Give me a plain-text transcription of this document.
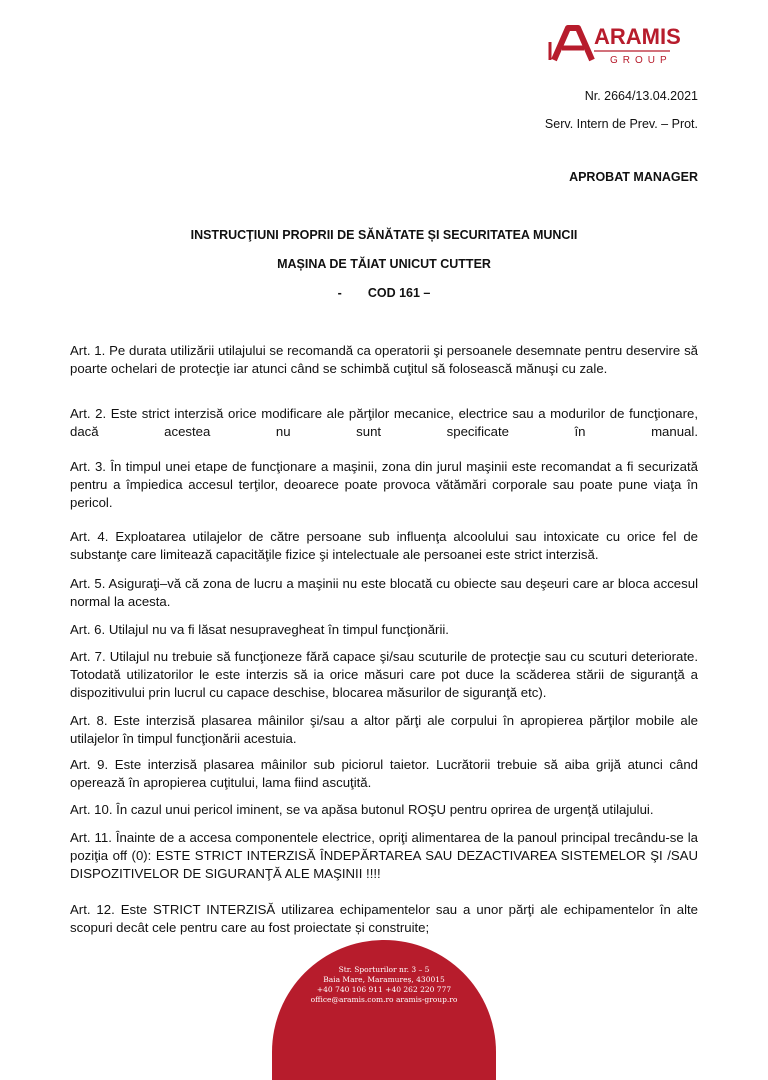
ARAMIS
GROUP
Nr. 2664/13.04.2021
Serv. Intern de Prev. – Prot.
APROBAT MANAGER
INSTRUCŢIUNI PROPRII DE SĂNĂTATE ȘI SECURITATEA MUNCII
MAȘINA DE TĂIAT UNICUT CUTTER
- COD 161 –
Art. 1. Pe durata utilizării utilajului se recomandă ca operatorii şi persoanele desemnate pentru deservire să poarte ochelari de protecţie iar atunci când se schimbă cuţitul să folosească mănuşi cu zale.
Art. 2. Este strict interzisă orice modificare ale părţilor mecanice, electrice sau a modurilor de funcţionare, dacă acestea nu sunt specificate în manual.
Art. 3. În timpul unei etape de funcţionare a maşinii, zona din jurul maşinii este recomandat a fi securizată pentru a împiedica accesul terţilor, deoarece poate provoca vătămări corporale sau poate pune viaţa în pericol.
Art. 4. Exploatarea utilajelor de către persoane sub influenţa alcoolului sau intoxicate cu orice fel de substanţe care limitează capacităţile fizice şi intelectuale ale persoanei este strict interzisă.
Art. 5. Asiguraţi–vă că zona de lucru a maşinii nu este blocată cu obiecte sau deşeuri care ar bloca accesul normal la acesta.
Art. 6. Utilajul nu va fi lăsat nesupravegheat în timpul funcţionării.
Art. 7. Utilajul nu trebuie să funcţioneze fără capace şi/sau scuturile de protecţie sau cu scuturi deteriorate. Totodată utilizatorilor le este interzis să ia orice măsuri care pot duce la scăderea stării de siguranţă a dispozitivului prin lucrul cu capace deschise, blocarea măsurilor de siguranţă etc).
Art. 8. Este interzisă plasarea mâinilor şi/sau a altor părţi ale corpului în apropierea părţilor mobile ale utilajelor în timpul funcţionării acestuia.
Art. 9. Este interzisă plasarea mâinilor sub piciorul taietor. Lucrătorii trebuie să aiba grijă atunci când operează în apropierea cuţitului, lama fiind ascuţită.
Art. 10. În cazul unui pericol iminent, se va apăsa butonul ROŞU pentru oprirea de urgenţă utilajului.
Art. 11. Înainte de a accesa componentele electrice, opriţi alimentarea de la panoul principal trecându-se la poziţia off (0): ESTE STRICT INTERZISĂ ÎNDEPĂRTAREA SAU DEZACTIVAREA SISTEMELOR ŞI /SAU DISPOZITIVELOR DE SIGURANŢĂ ALE MAŞINII !!!!
Art. 12. Este STRICT INTERZISĂ utilizarea echipamentelor sau a unor părţi ale echipamentelor în alte scopuri decât cele pentru care au fost proiectate și construite;
Str. Sporturilor nr. 3 – 5
Baia Mare, Maramureș, 430015
+40 740 106 911 +40 262 220 777
office@aramis.com.ro aramis-group.ro
